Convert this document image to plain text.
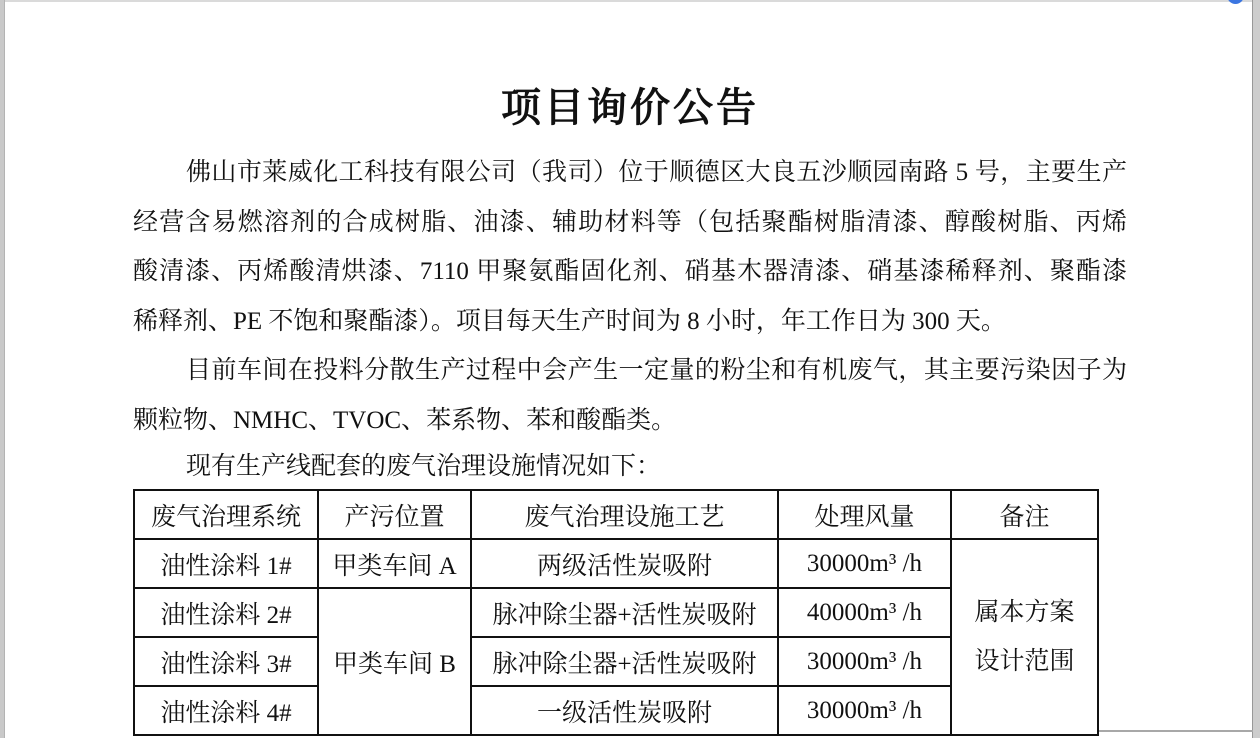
项目询价公告
佛山市莱威化工科技有限公司（我司）位于顺德区大良五沙顺园南路 5 号，主要生产
经营含易燃溶剂的合成树脂、油漆、辅助材料等（包括聚酯树脂清漆、醇酸树脂、丙烯
酸清漆、丙烯酸清烘漆、7110 甲聚氨酯固化剂、硝基木器清漆、硝基漆稀释剂、聚酯漆
稀释剂、PE 不饱和聚酯漆）。项目每天生产时间为 8 小时，年工作日为 300 天。
目前车间在投料分散生产过程中会产生一定量的粉尘和有机废气，其主要污染因子为
颗粒物、NMHC、TVOC、苯系物、苯和酸酯类。
现有生产线配套的废气治理设施情况如下：
废气治理系统	产污位置	废气治理设施工艺	处理风量	备注
油性涂料 1#	甲类车间 A	两级活性炭吸附	30000m³ /h	属本方案
设计范围

油性涂料 2#	甲类车间 B	脉冲除尘器+活性炭吸附	40000m³ /h	
油性涂料 3#		脉冲除尘器+活性炭吸附	30000m³ /h	
油性涂料 4#		一级活性炭吸附	30000m³ /h	
